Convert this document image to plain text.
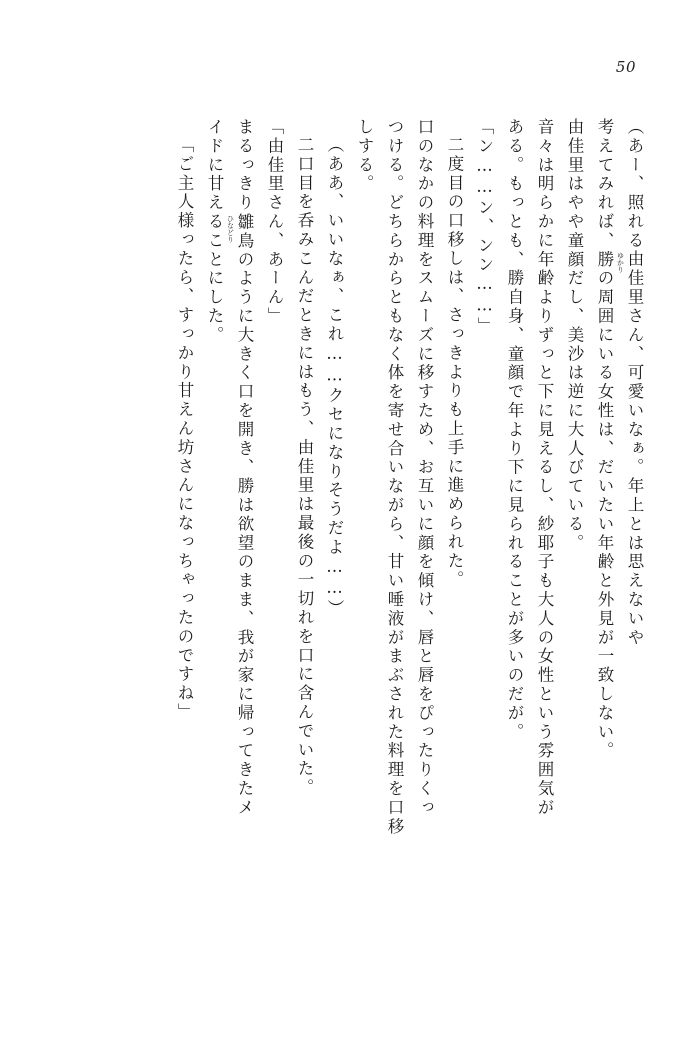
50
（あー、照れる
ゆかり 由佳里さん、可愛いなぁ。年上とは思えないや
考えてみれば、勝の周囲にいる女性は、だいたい年齢と外見が一致しない。
由佳里はやや童顔だし、美沙は逆に大人びている。
音々は明らかに年齢よりずっと下に見えるし、紗耶子も大人の女性という雰囲気が
ある。もっとも、勝自身、童顔で年より下に見られることが多いのだが。
「ン……ン、ンン……」
二度目の口移しは、さっきよりも上手に進められた。
口のなかの料理をスムーズに移すため、お互いに顔を傾け、唇と唇をぴったりくっ
つける。どちらからともなく体を寄せ合いながら、甘い唾液がまぶされた料理を口移
しする。
（ああ、いいなぁ、これ……クセになりそうだよ……）
二口目を呑みこんだときにはもう、由佳里は最後の一切れを口に含んでいた。
「由佳里さん、あーん」
まるっきり
ひなどり 雛鳥のように大きく口を開き、勝は欲望のまま、我が家に帰ってきたメ
イドに甘えることにした。
「ご主人様ったら、すっかり甘えん坊さんになっちゃったのですね」
